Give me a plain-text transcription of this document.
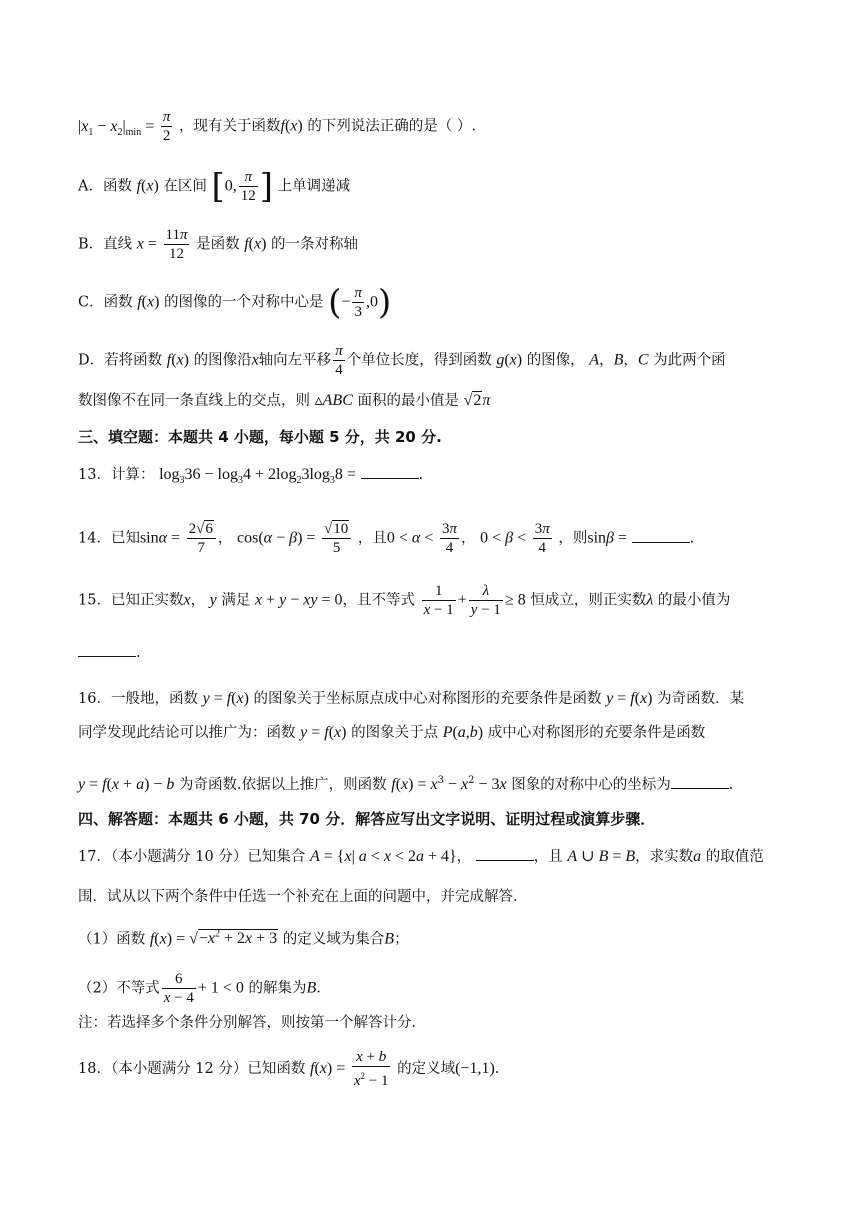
$|x_1 - x_2|_{min} = \frac{\pi}{2}$ ，现有关于函数f(x) 的下列说法正确的是（ ）.
A．函数 f(x) 在区间 [0, $\frac{\pi}{12}$ ] 上单调递减
B．直线 $x = \frac{11\pi}{12}$ 是函数 f(x) 的一条对称轴
C．函数 f(x) 的图像的一个对称中心是 (− $\frac{\pi}{3} ,0$)
D．若将函数 f(x) 的图像沿x轴向左平移 $\frac{\pi}{4}$ 个单位长度，得到函数 g(x) 的图像， A，B，C 为此两个函
数图像不在同一条直线上的交点，则 ▵ABC 面积的最小值是 √2π
三、填空题：本题共 4 小题，每小题 5 分，共 20 分.
13．计算： $\log_336 - \log_34 + 2\log_23\log_38$ =	.
14．已知$\sin\alpha = \frac{2√6}{7}$ ， $\cos(\alpha - \beta) = \frac{√10}{5}$ ，且$0 < \alpha < \frac{3\pi}{4}$ ， $0 < \beta < \frac{3\pi}{4}$ ，则sinβ =	.
15．已知正实数x， y 满足 x + y − xy = 0，且不等式 $\frac{1}{x - 1} + \frac{\lambda}{y - 1} \ge 8$ 恒成立，则正实数λ 的最小值为
.
16．一般地，函数 y = f(x) 的图象关于坐标原点成中心对称图形的充要条件是函数 y = f(x) 为奇函数．某
同学发现此结论可以推广为：函数 y = f(x) 的图象关于点 P(a,b) 成中心对称图形的充要条件是函数
y = f(x + a) − b 为奇函数.依据以上推广，则函数 $f(x) = x^3 - x^2 - 3x$ 图象的对称中心的坐标为	.
四、解答题：本题共 6 小题，共 70 分．解答应写出文字说明、证明过程或演算步骤．
17．（本小题满分 10 分）已知集合 A = {x| a < x < 2a + 4}，	，且 A ∪ B = B，求实数a 的取值范
围．试从以下两个条件中任选一个补充在上面的问题中，并完成解答．
（1）函数 $f(x) = √-x^2 + 2x + 3$ 的定义域为集合B；
（2）不等式 $\frac{6}{x - 4} + 1 < 0$ 的解集为B．
注：若选择多个条件分别解答，则按第一个解答计分．
18．（本小题满分 12 分）已知函数 $f(x) = \frac{x + b}{x^2 - 1}$ 的定义域(−1,1).
